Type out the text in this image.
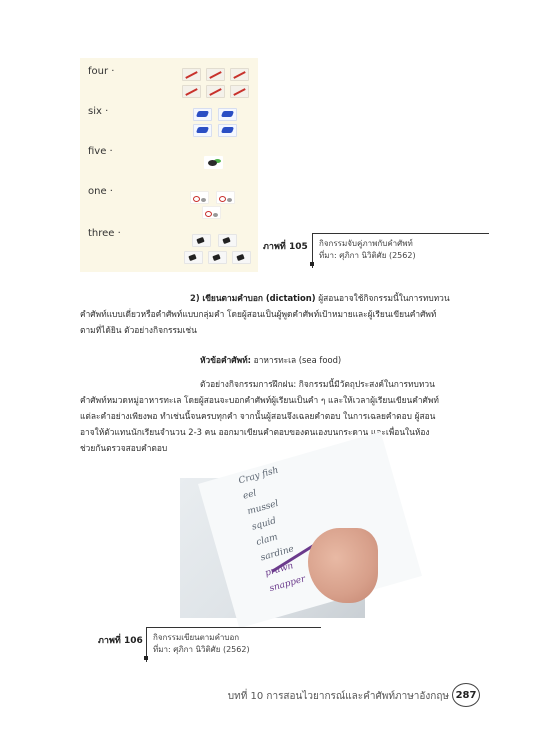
four ·
six ·
five ·
one ·
three ·
ภาพที่ 105 กิจกรรมจับคู่ภาพกับคำศัพท์
ที่มา: ศุภิกา นิวิติศัย (2562)
2) เขียนตามคำบอก (dictation) ผู้สอนอาจใช้กิจกรรมนี้ในการทบทวน
คำศัพท์แบบเดี่ยวหรือคำศัพท์แบบกลุ่มคำ โดยผู้สอนเป็นผู้พูดคำศัพท์เป้าหมายและผู้เรียนเขียนคำศัพท์
ตามที่ได้ยิน ตัวอย่างกิจกรรมเช่น
หัวข้อคำศัพท์: อาหารทะเล (sea food)
ตัวอย่างกิจกรรมการฝึกฝน: กิจกรรมนี้มีวัตถุประสงค์ในการทบทวน
คำศัพท์หมวดหมู่อาหารทะเล โดยผู้สอนจะบอกคำศัพท์ผู้เรียนเป็นคำ ๆ และให้เวลาผู้เรียนเขียนคำศัพท์
แต่ละคำอย่างเพียงพอ ทำเช่นนี้จนครบทุกคำ จากนั้นผู้สอนจึงเฉลยคำตอบ ในการเฉลยคำตอบ ผู้สอน
อาจให้ตัวแทนนักเรียนจำนวน 2-3 คน ออกมาเขียนคำตอบของตนเองบนกระดาน และเพื่อนในห้อง
ช่วยกันตรวจสอบคำตอบ
Cray fish
eel
mussel
squid
clam
sardine
prawn
snapper
ภาพที่ 106 กิจกรรมเขียนตามคำบอก
ที่มา: ศุภิกา นิวิติศัย (2562)
บทที่ 10 การสอนไวยากรณ์และคำศัพท์ภาษาอังกฤษ 287
